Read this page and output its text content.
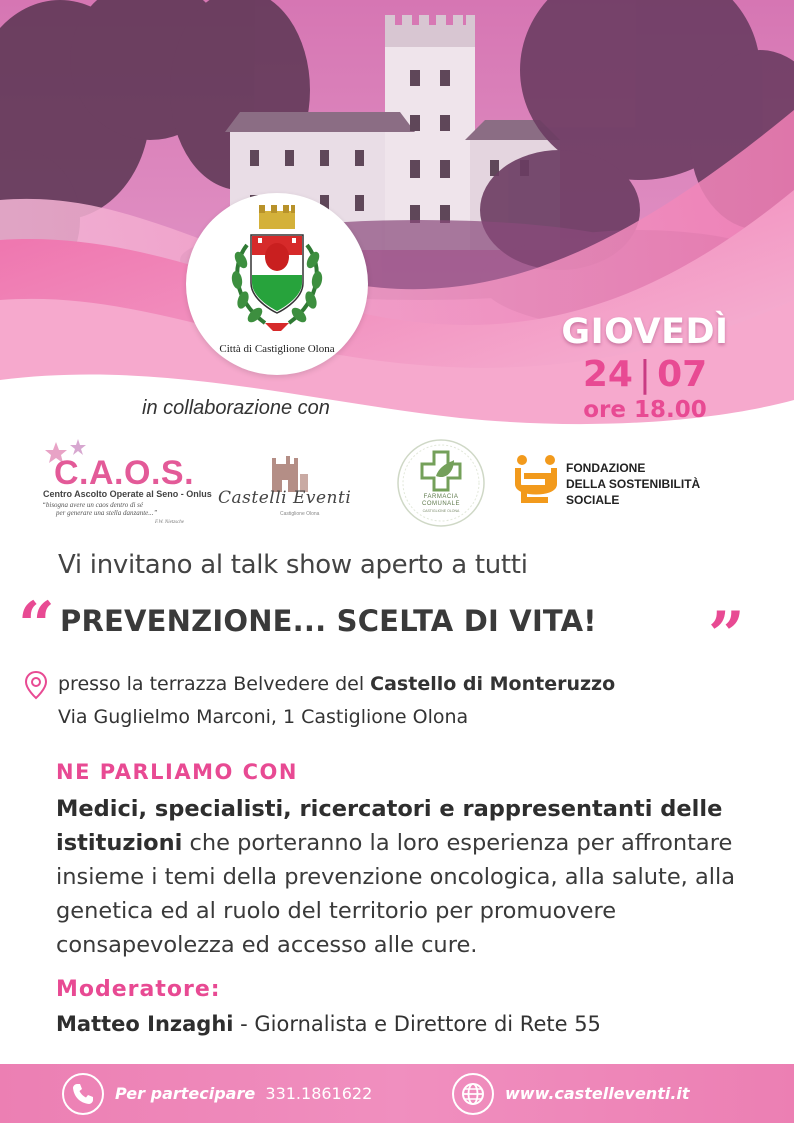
Città di Castiglione Olona	GIOVEDÌ
24 | 07
ore 18.00
in collaborazione con
C.A.O.S.
Centro Ascolto Operate al Seno - Onlus
“bisogna avere un caos dentro di sé
per generare una stella danzante...”
F.W. Nietzsche
Castelli Eventi
Castiglione Olona
FARMACIA
COMUNALE
CASTIGLIONE OLONA
FONDAZIONE
DELLA SOSTENIBILITÀ
SOCIALE
Vi invitano al talk show aperto a tutti
“ PREVENZIONE... SCELTA DI VITA! ”
presso la terrazza Belvedere del Castello di Monteruzzo
Via Guglielmo Marconi, 1 Castiglione Olona
NE PARLIAMO CON
Medici, specialisti, ricercatori e rappresentanti delle istituzioni che porteranno la loro esperienza per affrontare insieme i temi della prevenzione oncologica, alla salute, alla genetica ed al ruolo del territorio per promuovere consapevolezza ed accesso alle cure.
Moderatore:
Matteo Inzaghi - Giornalista e Direttore di Rete 55
Per partecipare 331.1861622	www.castelleventi.it
